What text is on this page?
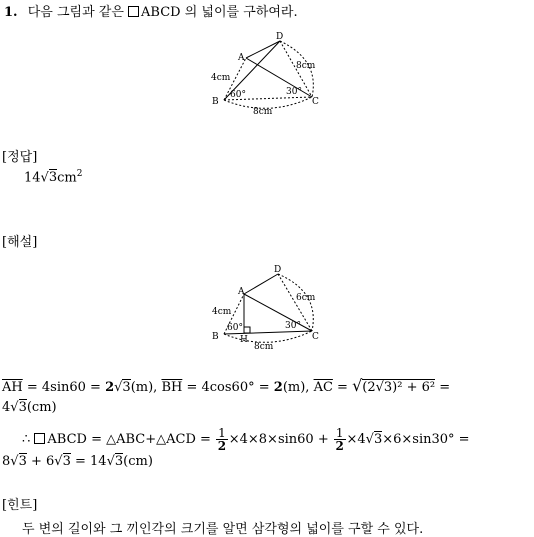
1. 다음 그림과 같은 ABCD 의 넓이를 구하여라.
A
B	C
D
4cm
8cm
8cm
60°	30°
[정답]
$14√3cm^2$
[해설]
A
B	C
D
H
4cm
8cm
6cm
60°	30°
$\overline{AH} = 4\sin 60 = 2√3(m)$, $\overline{BH} = 4\cos 60^\circ = 2(m)$, $\overline{AC} = √(2√3)^2 + 6^2$ =
4√3(cm)
∴ ABCD = △ABC+△ACD = $\frac{1}{2} \times 4\times 8\times\sin 60 + \frac{1}{2} \times 4√3\times 6\times\sin 30^\circ$ =
8√3 + 6√3 = 14√3(cm)
[힌트]
두 변의 길이와 그 끼인각의 크기를 알면 삼각형의 넓이를 구할 수 있다.
